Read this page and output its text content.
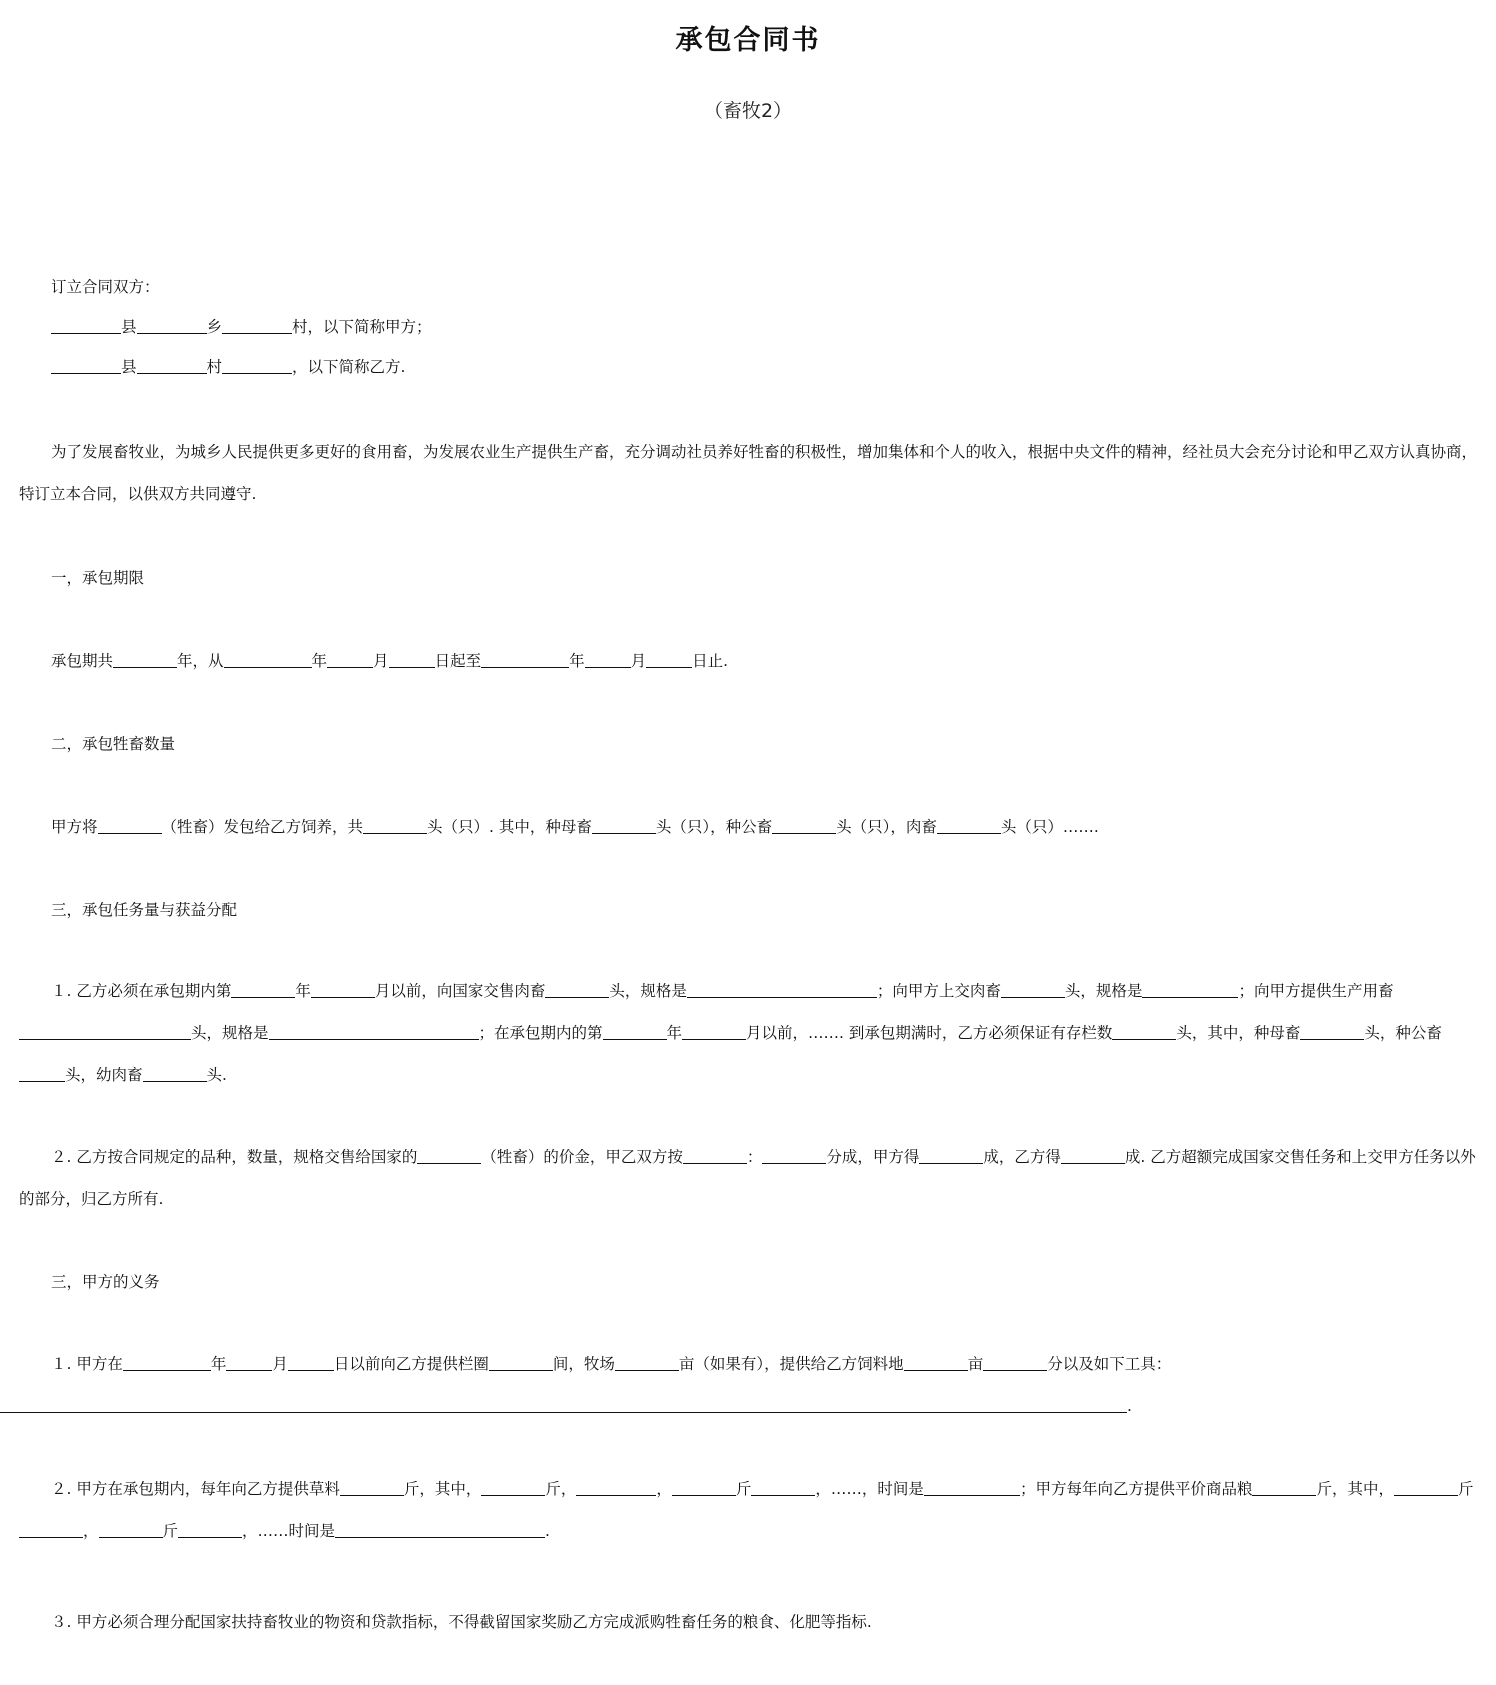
承包合同书
（畜牧2）
订立合同双方：
县	乡	村，以下简称甲方；
县	村	，以下简称乙方.
为了发展畜牧业，为城乡人民提供更多更好的食用畜，为发展农业生产提供生产畜，充分调动社员养好牲畜的积极性，增加集体和个人的收入，根据中央文件的精神，经社员大会充分讨论和甲乙双方认真协商，特订立本合同，以供双方共同遵守.
一，承包期限
承包期共	年，从	年	月	日起至	年	月	日止.
二，承包牲畜数量
甲方将	（牲畜）发包给乙方饲养，共	头（只）. 其中，种母畜	头（只），种公畜	头（只），肉畜	头（只）…….
三，承包任务量与获益分配
１. 乙方必须在承包期内第	年	月以前，向国家交售肉畜	头，规格是	；向甲方上交肉畜	头，规格是	；向甲方提供生产用畜头，规格是	；在承包期内的第	年	月以前，……. 到承包期满时，乙方必须保证有存栏数	头，其中，种母畜	头，种公畜头，幼肉畜	头.
２. 乙方按合同规定的品种，数量，规格交售给国家的	（牲畜）的价金，甲乙双方按	：	分成，甲方得	成，乙方得	成. 乙方超额完成国家交售任务和上交甲方任务以外的部分，归乙方所有.
三，甲方的义务
１. 甲方在	年	月	日以前向乙方提供栏圈	间，牧场	亩（如果有），提供给乙方饲料地	亩	分以及如下工具：
.
２. 甲方在承包期内，每年向乙方提供草料	斤，其中，	斤，	，	斤	，……，时间是	；甲方每年向乙方提供平价商品粮	斤，其中，	斤，	斤	，……时间是	.
３. 甲方必须合理分配国家扶持畜牧业的物资和贷款指标，不得截留国家奖励乙方完成派购牲畜任务的粮食、化肥等指标.
